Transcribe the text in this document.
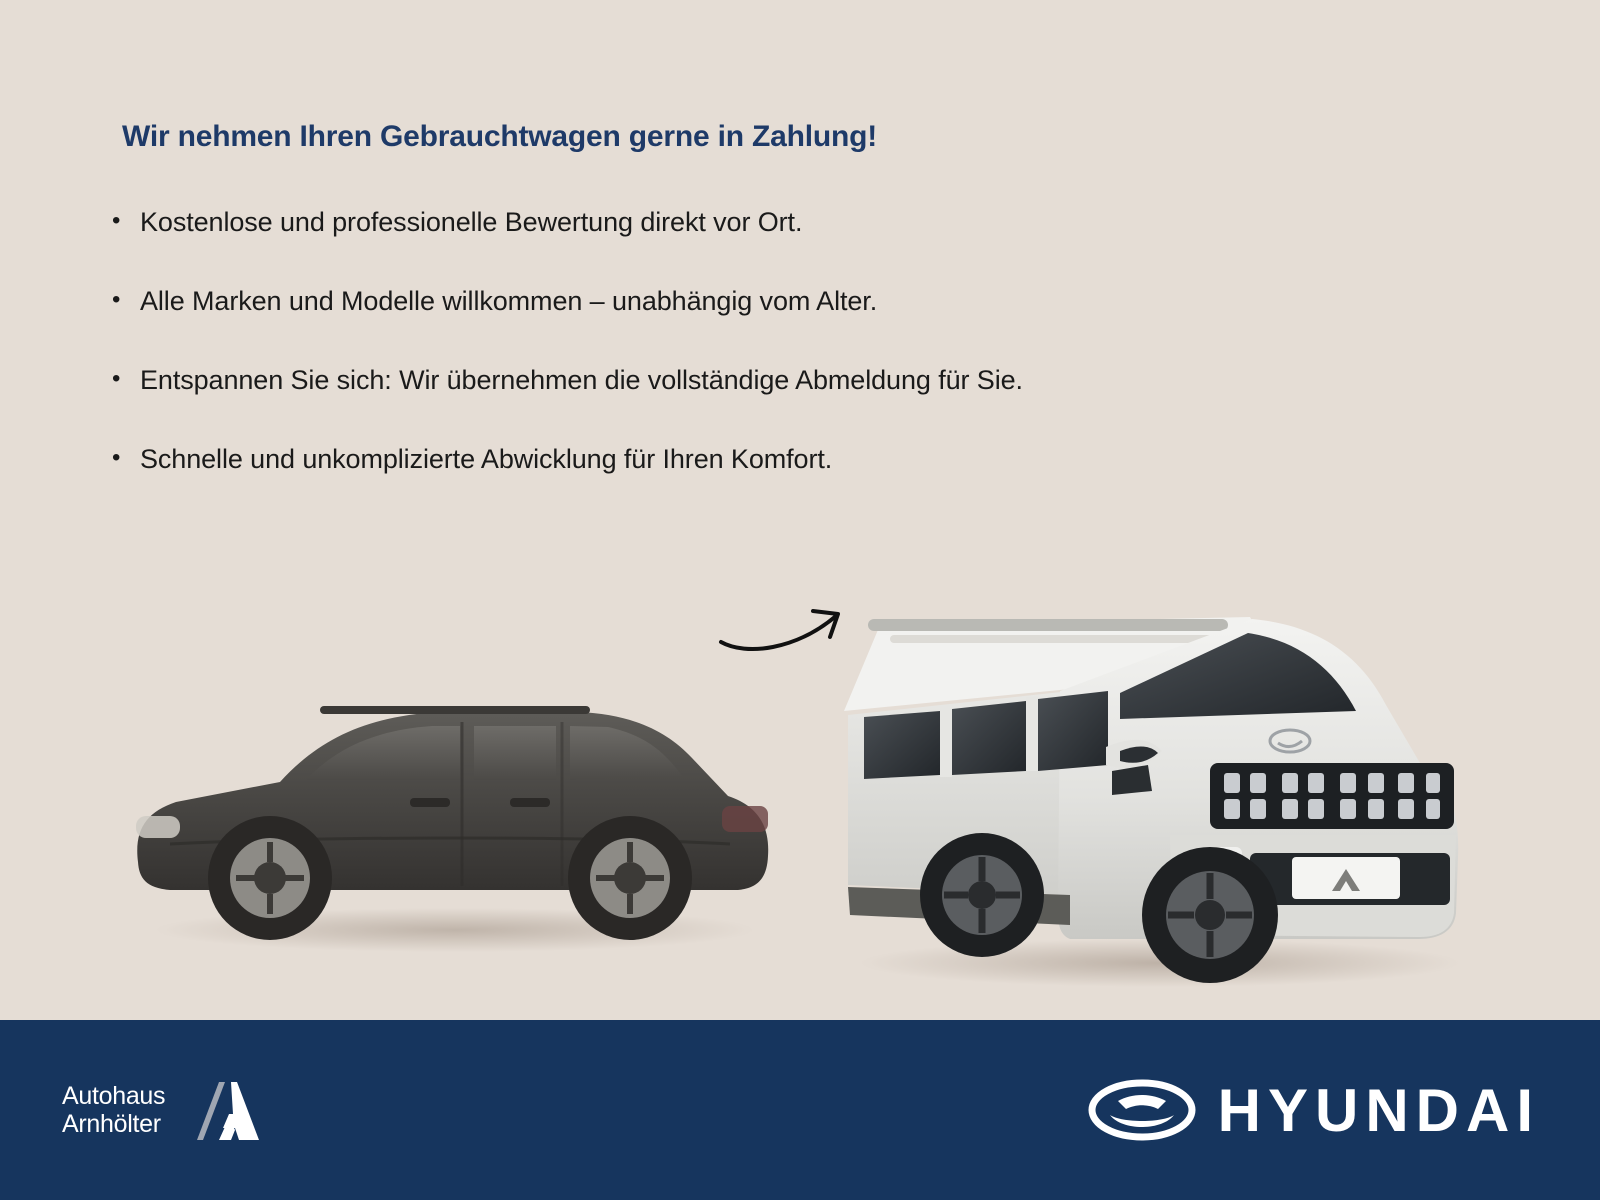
Wir nehmen Ihren Gebrauchtwagen gerne in Zahlung!
• Kostenlose und professionelle Bewertung direkt vor Ort.
• Alle Marken und Modelle willkommen – unabhängig vom Alter.
• Entspannen Sie sich: Wir übernehmen die vollständige Abmeldung für Sie.
• Schnelle und unkomplizierte Abwicklung für Ihren Komfort.
Autohaus
Arnhölter	HYUNDAI
